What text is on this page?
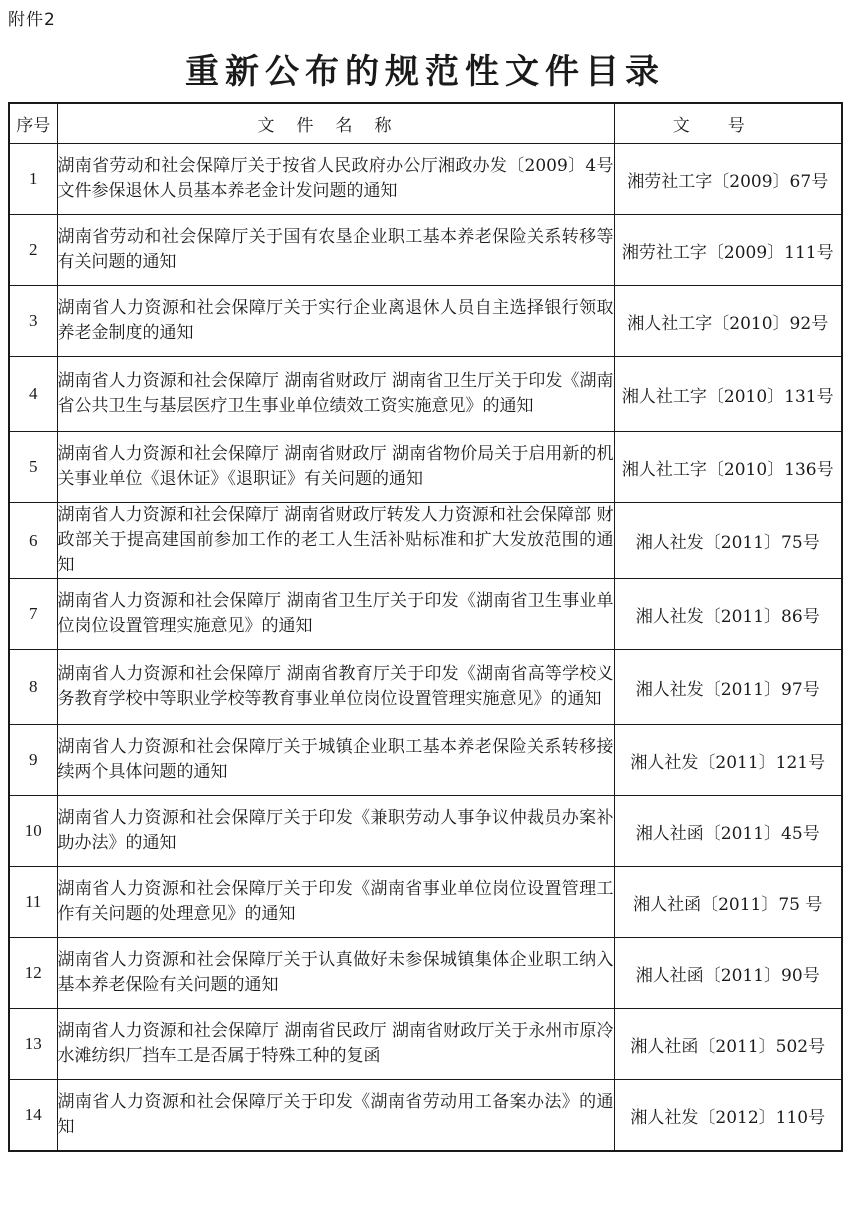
附件2
重新公布的规范性文件目录
序号	文件名称	文号
1	湖南省劳动和社会保障厅关于按省人民政府办公厅湘政办发〔2009〕4号文件参保退休人员基本养老金计发问题的通知	湘劳社工字〔2009〕67号
2	湖南省劳动和社会保障厅关于国有农垦企业职工基本养老保险关系转移等有关问题的通知	湘劳社工字〔2009〕111号
3	湖南省人力资源和社会保障厅关于实行企业离退休人员自主选择银行领取养老金制度的通知	湘人社工字〔2010〕92号
4	湖南省人力资源和社会保障厅 湖南省财政厅 湖南省卫生厅关于印发《湖南省公共卫生与基层医疗卫生事业单位绩效工资实施意见》的通知	湘人社工字〔2010〕131号
5	湖南省人力资源和社会保障厅 湖南省财政厅 湖南省物价局关于启用新的机关事业单位《退休证》《退职证》有关问题的通知	湘人社工字〔2010〕136号
6	湖南省人力资源和社会保障厅 湖南省财政厅转发人力资源和社会保障部 财政部关于提高建国前参加工作的老工人生活补贴标准和扩大发放范围的通知	湘人社发〔2011〕75号
7	湖南省人力资源和社会保障厅 湖南省卫生厅关于印发《湖南省卫生事业单位岗位设置管理实施意见》的通知	湘人社发〔2011〕86号
8	湖南省人力资源和社会保障厅 湖南省教育厅关于印发《湖南省高等学校义务教育学校中等职业学校等教育事业单位岗位设置管理实施意见》的通知	湘人社发〔2011〕97号
9	湖南省人力资源和社会保障厅关于城镇企业职工基本养老保险关系转移接续两个具体问题的通知	湘人社发〔2011〕121号
10	湖南省人力资源和社会保障厅关于印发《兼职劳动人事争议仲裁员办案补助办法》的通知	湘人社函〔2011〕45号
11	湖南省人力资源和社会保障厅关于印发《湖南省事业单位岗位设置管理工作有关问题的处理意见》的通知	湘人社函〔2011〕75 号
12	湖南省人力资源和社会保障厅关于认真做好未参保城镇集体企业职工纳入基本养老保险有关问题的通知	湘人社函〔2011〕90号
13	湖南省人力资源和社会保障厅 湖南省民政厅 湖南省财政厅关于永州市原冷水滩纺织厂挡车工是否属于特殊工种的复函	湘人社函〔2011〕502号
14	湖南省人力资源和社会保障厅关于印发《湖南省劳动用工备案办法》的通知	湘人社发〔2012〕110号
